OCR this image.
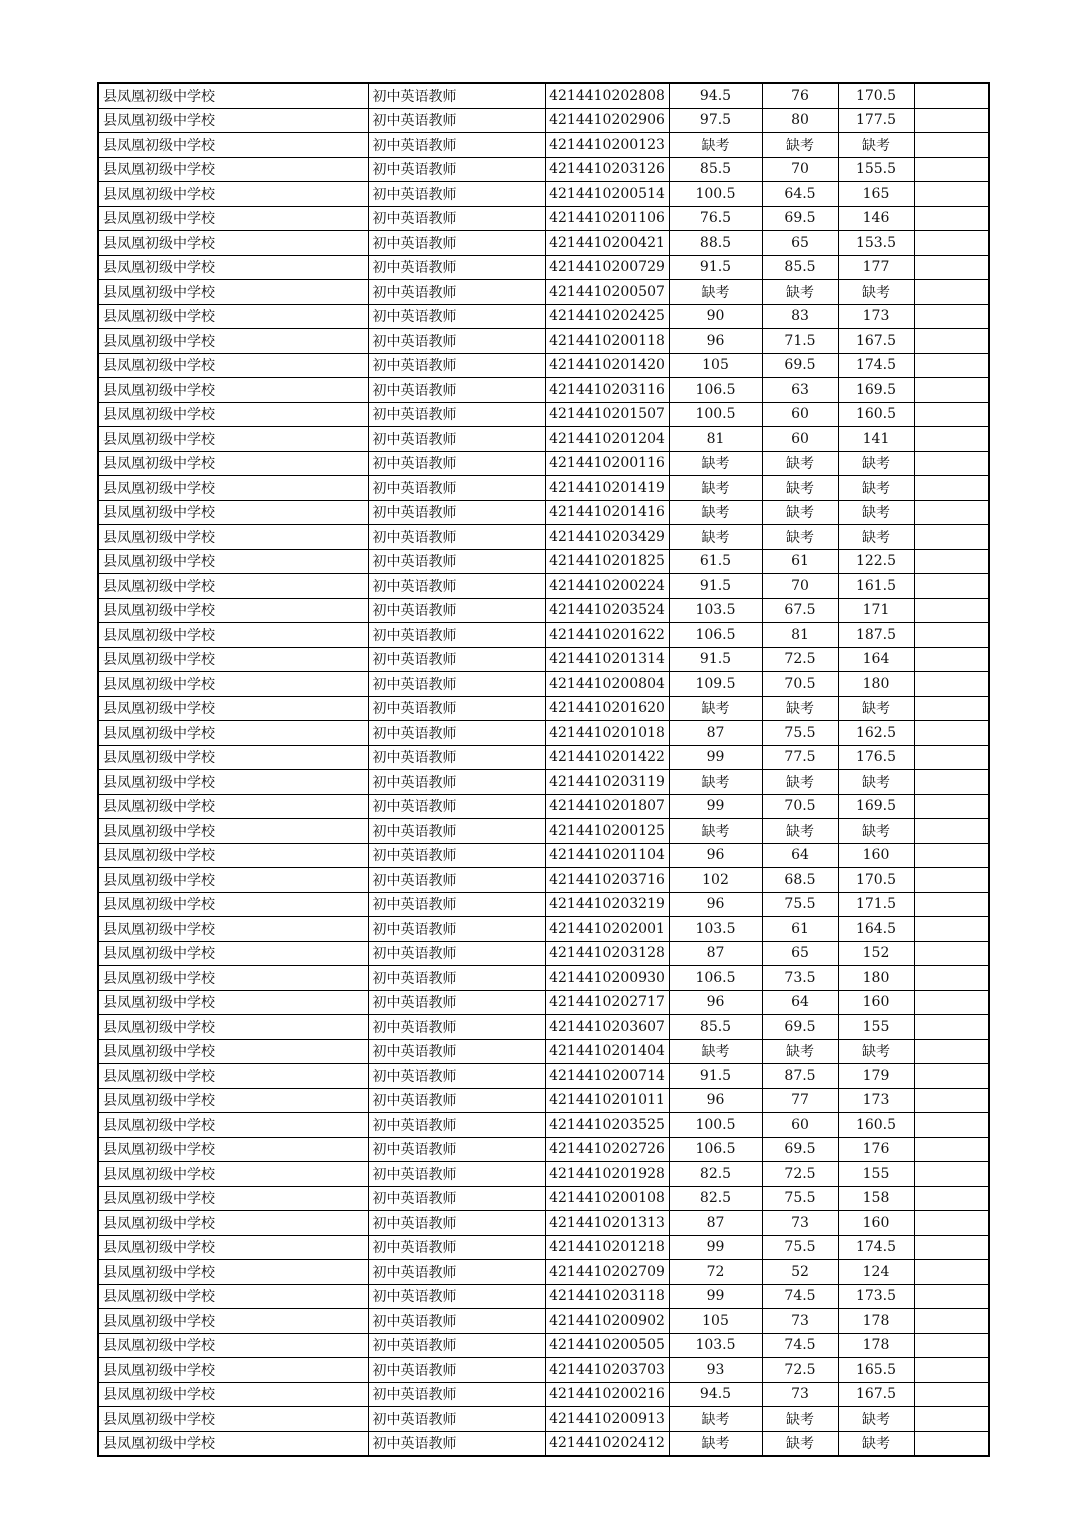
县凤凰初级中学校	初中英语教师	4214410202808	94.5	76	170.5	
县凤凰初级中学校	初中英语教师	4214410202906	97.5	80	177.5	
县凤凰初级中学校	初中英语教师	4214410200123	缺考	缺考	缺考	
县凤凰初级中学校	初中英语教师	4214410203126	85.5	70	155.5	
县凤凰初级中学校	初中英语教师	4214410200514	100.5	64.5	165	
县凤凰初级中学校	初中英语教师	4214410201106	76.5	69.5	146	
县凤凰初级中学校	初中英语教师	4214410200421	88.5	65	153.5	
县凤凰初级中学校	初中英语教师	4214410200729	91.5	85.5	177	
县凤凰初级中学校	初中英语教师	4214410200507	缺考	缺考	缺考	
县凤凰初级中学校	初中英语教师	4214410202425	90	83	173	
县凤凰初级中学校	初中英语教师	4214410200118	96	71.5	167.5	
县凤凰初级中学校	初中英语教师	4214410201420	105	69.5	174.5	
县凤凰初级中学校	初中英语教师	4214410203116	106.5	63	169.5	
县凤凰初级中学校	初中英语教师	4214410201507	100.5	60	160.5	
县凤凰初级中学校	初中英语教师	4214410201204	81	60	141	
县凤凰初级中学校	初中英语教师	4214410200116	缺考	缺考	缺考	
县凤凰初级中学校	初中英语教师	4214410201419	缺考	缺考	缺考	
县凤凰初级中学校	初中英语教师	4214410201416	缺考	缺考	缺考	
县凤凰初级中学校	初中英语教师	4214410203429	缺考	缺考	缺考	
县凤凰初级中学校	初中英语教师	4214410201825	61.5	61	122.5	
县凤凰初级中学校	初中英语教师	4214410200224	91.5	70	161.5	
县凤凰初级中学校	初中英语教师	4214410203524	103.5	67.5	171	
县凤凰初级中学校	初中英语教师	4214410201622	106.5	81	187.5	
县凤凰初级中学校	初中英语教师	4214410201314	91.5	72.5	164	
县凤凰初级中学校	初中英语教师	4214410200804	109.5	70.5	180	
县凤凰初级中学校	初中英语教师	4214410201620	缺考	缺考	缺考	
县凤凰初级中学校	初中英语教师	4214410201018	87	75.5	162.5	
县凤凰初级中学校	初中英语教师	4214410201422	99	77.5	176.5	
县凤凰初级中学校	初中英语教师	4214410203119	缺考	缺考	缺考	
县凤凰初级中学校	初中英语教师	4214410201807	99	70.5	169.5	
县凤凰初级中学校	初中英语教师	4214410200125	缺考	缺考	缺考	
县凤凰初级中学校	初中英语教师	4214410201104	96	64	160	
县凤凰初级中学校	初中英语教师	4214410203716	102	68.5	170.5	
县凤凰初级中学校	初中英语教师	4214410203219	96	75.5	171.5	
县凤凰初级中学校	初中英语教师	4214410202001	103.5	61	164.5	
县凤凰初级中学校	初中英语教师	4214410203128	87	65	152	
县凤凰初级中学校	初中英语教师	4214410200930	106.5	73.5	180	
县凤凰初级中学校	初中英语教师	4214410202717	96	64	160	
县凤凰初级中学校	初中英语教师	4214410203607	85.5	69.5	155	
县凤凰初级中学校	初中英语教师	4214410201404	缺考	缺考	缺考	
县凤凰初级中学校	初中英语教师	4214410200714	91.5	87.5	179	
县凤凰初级中学校	初中英语教师	4214410201011	96	77	173	
县凤凰初级中学校	初中英语教师	4214410203525	100.5	60	160.5	
县凤凰初级中学校	初中英语教师	4214410202726	106.5	69.5	176	
县凤凰初级中学校	初中英语教师	4214410201928	82.5	72.5	155	
县凤凰初级中学校	初中英语教师	4214410200108	82.5	75.5	158	
县凤凰初级中学校	初中英语教师	4214410201313	87	73	160	
县凤凰初级中学校	初中英语教师	4214410201218	99	75.5	174.5	
县凤凰初级中学校	初中英语教师	4214410202709	72	52	124	
县凤凰初级中学校	初中英语教师	4214410203118	99	74.5	173.5	
县凤凰初级中学校	初中英语教师	4214410200902	105	73	178	
县凤凰初级中学校	初中英语教师	4214410200505	103.5	74.5	178	
县凤凰初级中学校	初中英语教师	4214410203703	93	72.5	165.5	
县凤凰初级中学校	初中英语教师	4214410200216	94.5	73	167.5	
县凤凰初级中学校	初中英语教师	4214410200913	缺考	缺考	缺考	
县凤凰初级中学校	初中英语教师	4214410202412	缺考	缺考	缺考	
